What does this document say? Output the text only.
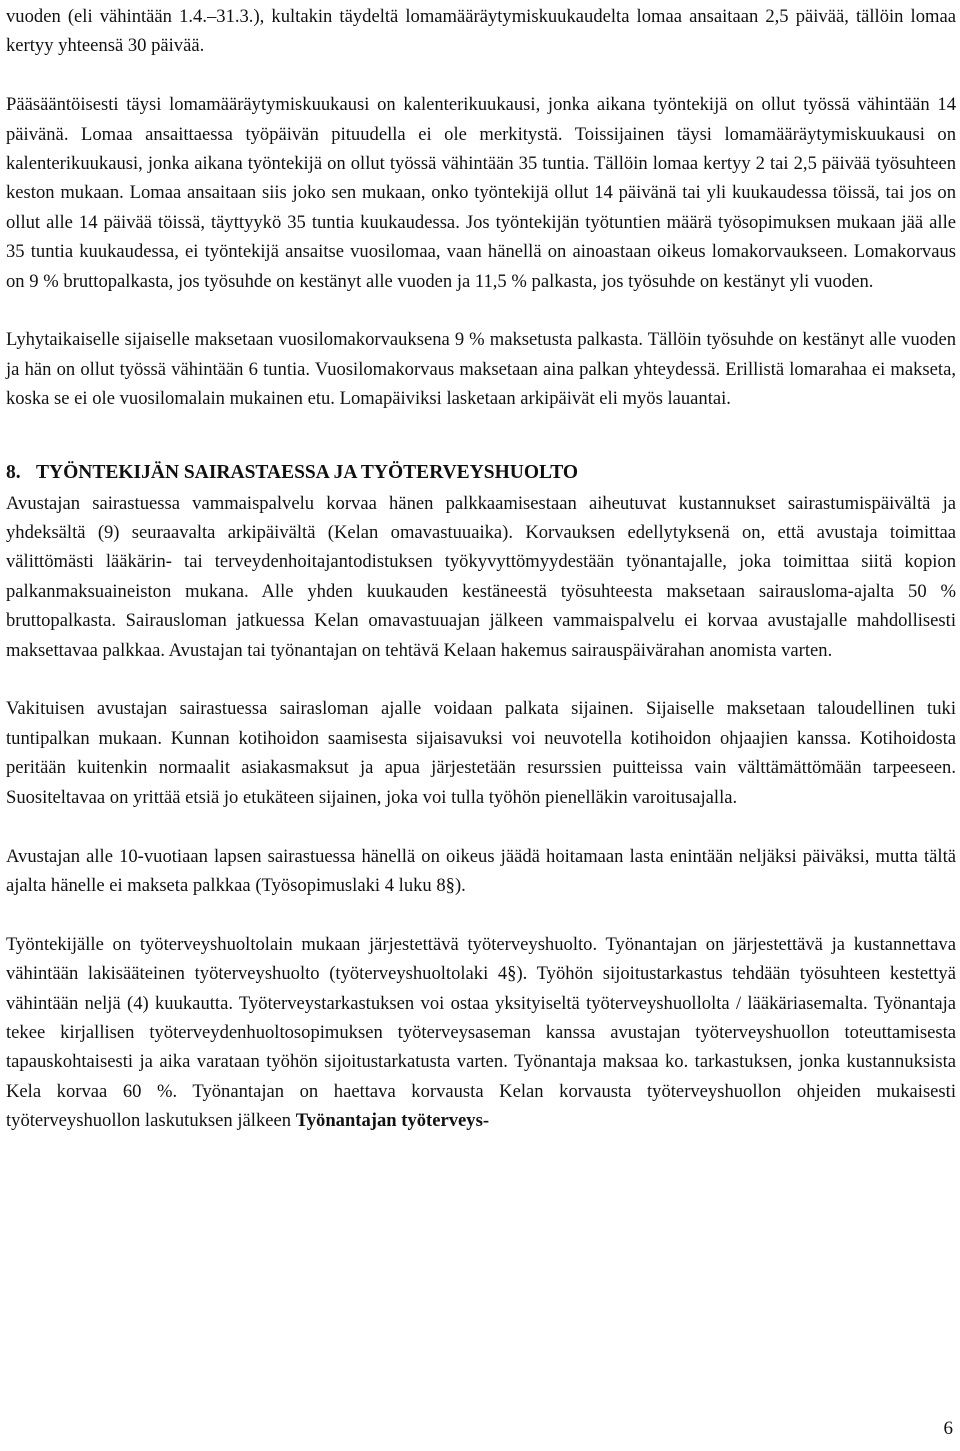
vuoden (eli vähintään 1.4.–31.3.), kultakin täydeltä lomamääräytymiskuukaudelta lomaa ansaitaan 2,5 päivää, tällöin lomaa kertyy yhteensä 30 päivää.

Pääsääntöisesti täysi lomamääräytymiskuukausi on kalenterikuukausi, jonka aikana työntekijä on ollut työssä vähintään 14 päivänä. Lomaa ansaittaessa työpäivän pituudella ei ole merkitystä. Toissijainen täysi lomamääräytymiskuukausi on kalenterikuukausi, jonka aikana työntekijä on ollut työssä vähintään 35 tuntia. Tällöin lomaa kertyy 2 tai 2,5 päivää työsuhteen keston mukaan. Lomaa ansaitaan siis joko sen mukaan, onko työntekijä ollut 14 päivänä tai yli kuukaudessa töissä, tai jos on ollut alle 14 päivää töissä, täyttyykö 35 tuntia kuukaudessa. Jos työntekijän työtuntien määrä työsopimuksen mukaan jää alle 35 tuntia kuukaudessa, ei työntekijä ansaitse vuosilomaa, vaan hänellä on ainoastaan oikeus lomakorvaukseen. Lomakorvaus on 9 % bruttopalkasta, jos työsuhde on kestänyt alle vuoden ja 11,5 % palkasta, jos työsuhde on kestänyt yli vuoden.

Lyhytaikaiselle sijaiselle maksetaan vuosilomakorvauksena 9 % maksetusta palkasta. Tällöin työsuhde on kestänyt alle vuoden ja hän on ollut työssä vähintään 6 tuntia. Vuosilomakorvaus maksetaan aina palkan yhteydessä. Erillistä lomarahaa ei makseta, koska se ei ole vuosilomalain mukainen etu. Lomapäiviksi lasketaan arkipäivät eli myös lauantai.

8. TYÖNTEKIJÄN SAIRASTAESSA JA TYÖTERVEYSHUOLTO

Avustajan sairastuessa vammaispalvelu korvaa hänen palkkaamisestaan aiheutuvat kustannukset sairastumispäivältä ja yhdeksältä (9) seuraavalta arkipäivältä (Kelan omavastuuaika). Korvauksen edellytyksenä on, että avustaja toimittaa välittömästi lääkärin- tai terveydenhoitajantodistuksen työkyvyttömyydestään työnantajalle, joka toimittaa siitä kopion palkanmaksuaineiston mukana. Alle yhden kuukauden kestäneestä työsuhteesta maksetaan sairausloma-ajalta 50 % bruttopalkasta. Sairausloman jatkuessa Kelan omavastuuajan jälkeen vammaispalvelu ei korvaa avustajalle mahdollisesti maksettavaa palkkaa. Avustajan tai työnantajan on tehtävä Kelaan hakemus sairauspäivärahan anomista varten.

Vakituisen avustajan sairastuessa sairasloman ajalle voidaan palkata sijainen. Sijaiselle maksetaan taloudellinen tuki tuntipalkan mukaan. Kunnan kotihoidon saamisesta sijaisavuksi voi neuvotella kotihoidon ohjaajien kanssa. Kotihoidosta peritään kuitenkin normaalit asiakasmaksut ja apua järjestetään resurssien puitteissa vain välttämättömään tarpeeseen. Suositeltavaa on yrittää etsiä jo etukäteen sijainen, joka voi tulla työhön pienelläkin varoitusajalla.

Avustajan alle 10-vuotiaan lapsen sairastuessa hänellä on oikeus jäädä hoitamaan lasta enintään neljäksi päiväksi, mutta tältä ajalta hänelle ei makseta palkkaa (Työsopimuslaki 4 luku 8§).

Työntekijälle on työterveyshuoltolain mukaan järjestettävä työterveyshuolto. Työnantajan on järjestettävä ja kustannettava vähintään lakisääteinen työterveyshuolto (työterveyshuoltolaki 4§). Työhön sijoitustarkastus tehdään työsuhteen kestettyä vähintään neljä (4) kuukautta. Työterveystarkastuksen voi ostaa yksityiseltä työterveyshuollolta / lääkäriasemalta. Työnantaja tekee kirjallisen työterveydenhuoltosopimuksen työterveysaseman kanssa avustajan työterveyshuollon toteuttamisesta tapauskohtaisesti ja aika varataan työhön sijoitustarkatusta varten. Työnantaja maksaa ko. tarkastuksen, jonka kustannuksista Kela korvaa 60 %. Työnantajan on haettava korvausta Kelan korvausta työterveyshuollon ohjeiden mukaisesti työterveyshuollon laskutuksen jälkeen Työnantajan työterveys-

6
